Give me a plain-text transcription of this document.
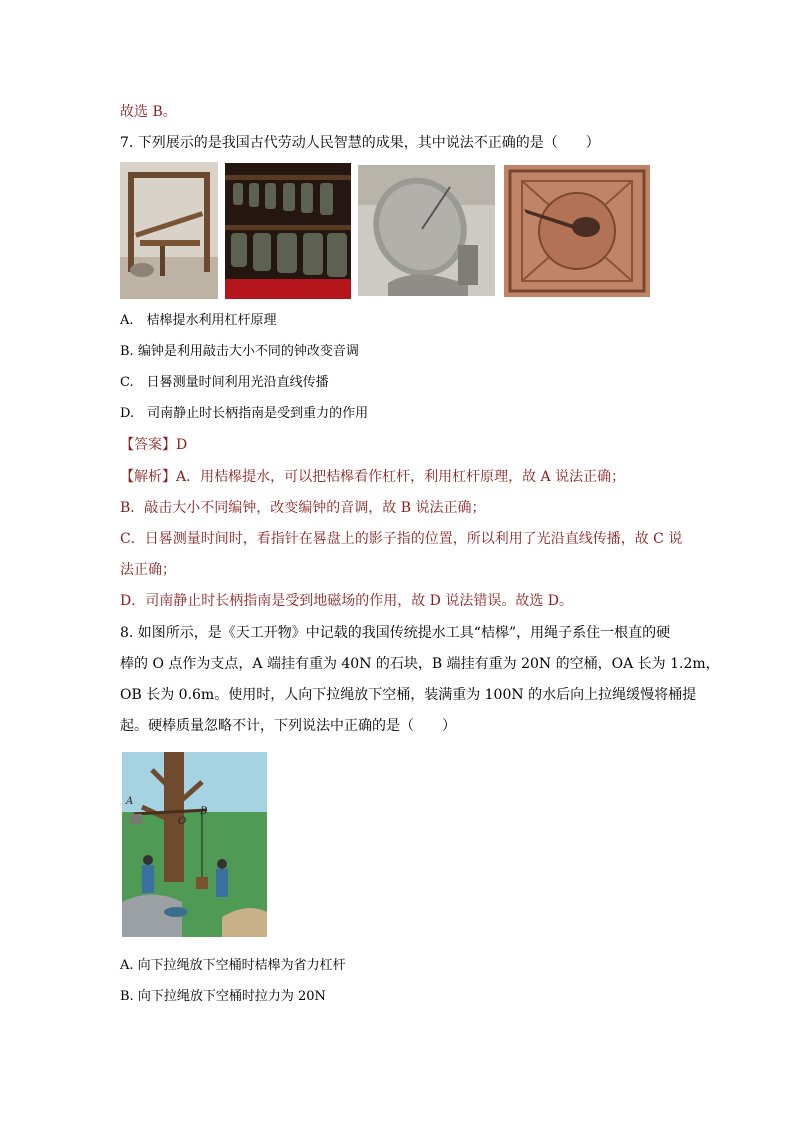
故选 B。
7. 下列展示的是我国古代劳动人民智慧的成果，其中说法不正确的是（　　）
A.　桔槔提水利用杠杆原理
B. 编钟是利用敲击大小不同的钟改变音调
C.　日晷测量时间利用光沿直线传播
D.　司南静止时长柄指南是受到重力的作用
【答案】D
【解析】A．用桔槔提水，可以把桔槔看作杠杆，利用杠杆原理，故 A 说法正确；
B．敲击大小不同编钟，改变编钟的音调，故 B 说法正确；
C．日晷测量时间时，看指针在晷盘上的影子指的位置，所以利用了光沿直线传播，故 C 说
法正确；
D．司南静止时长柄指南是受到地磁场的作用，故 D 说法错误。故选 D。
8. 如图所示，是《天工开物》中记载的我国传统提水工具“桔槔”，用绳子系住一根直的硬
棒的 O 点作为支点，A 端挂有重为 40N 的石块，B 端挂有重为 20N 的空桶，OA 长为 1.2m，
OB 长为 0.6m。使用时，人向下拉绳放下空桶，装满重为 100N 的水后向上拉绳缓慢将桶提
起。硬棒质量忽略不计，下列说法中正确的是（　　）
A
O
B
A. 向下拉绳放下空桶时桔槔为省力杠杆
B. 向下拉绳放下空桶时拉力为 20N
